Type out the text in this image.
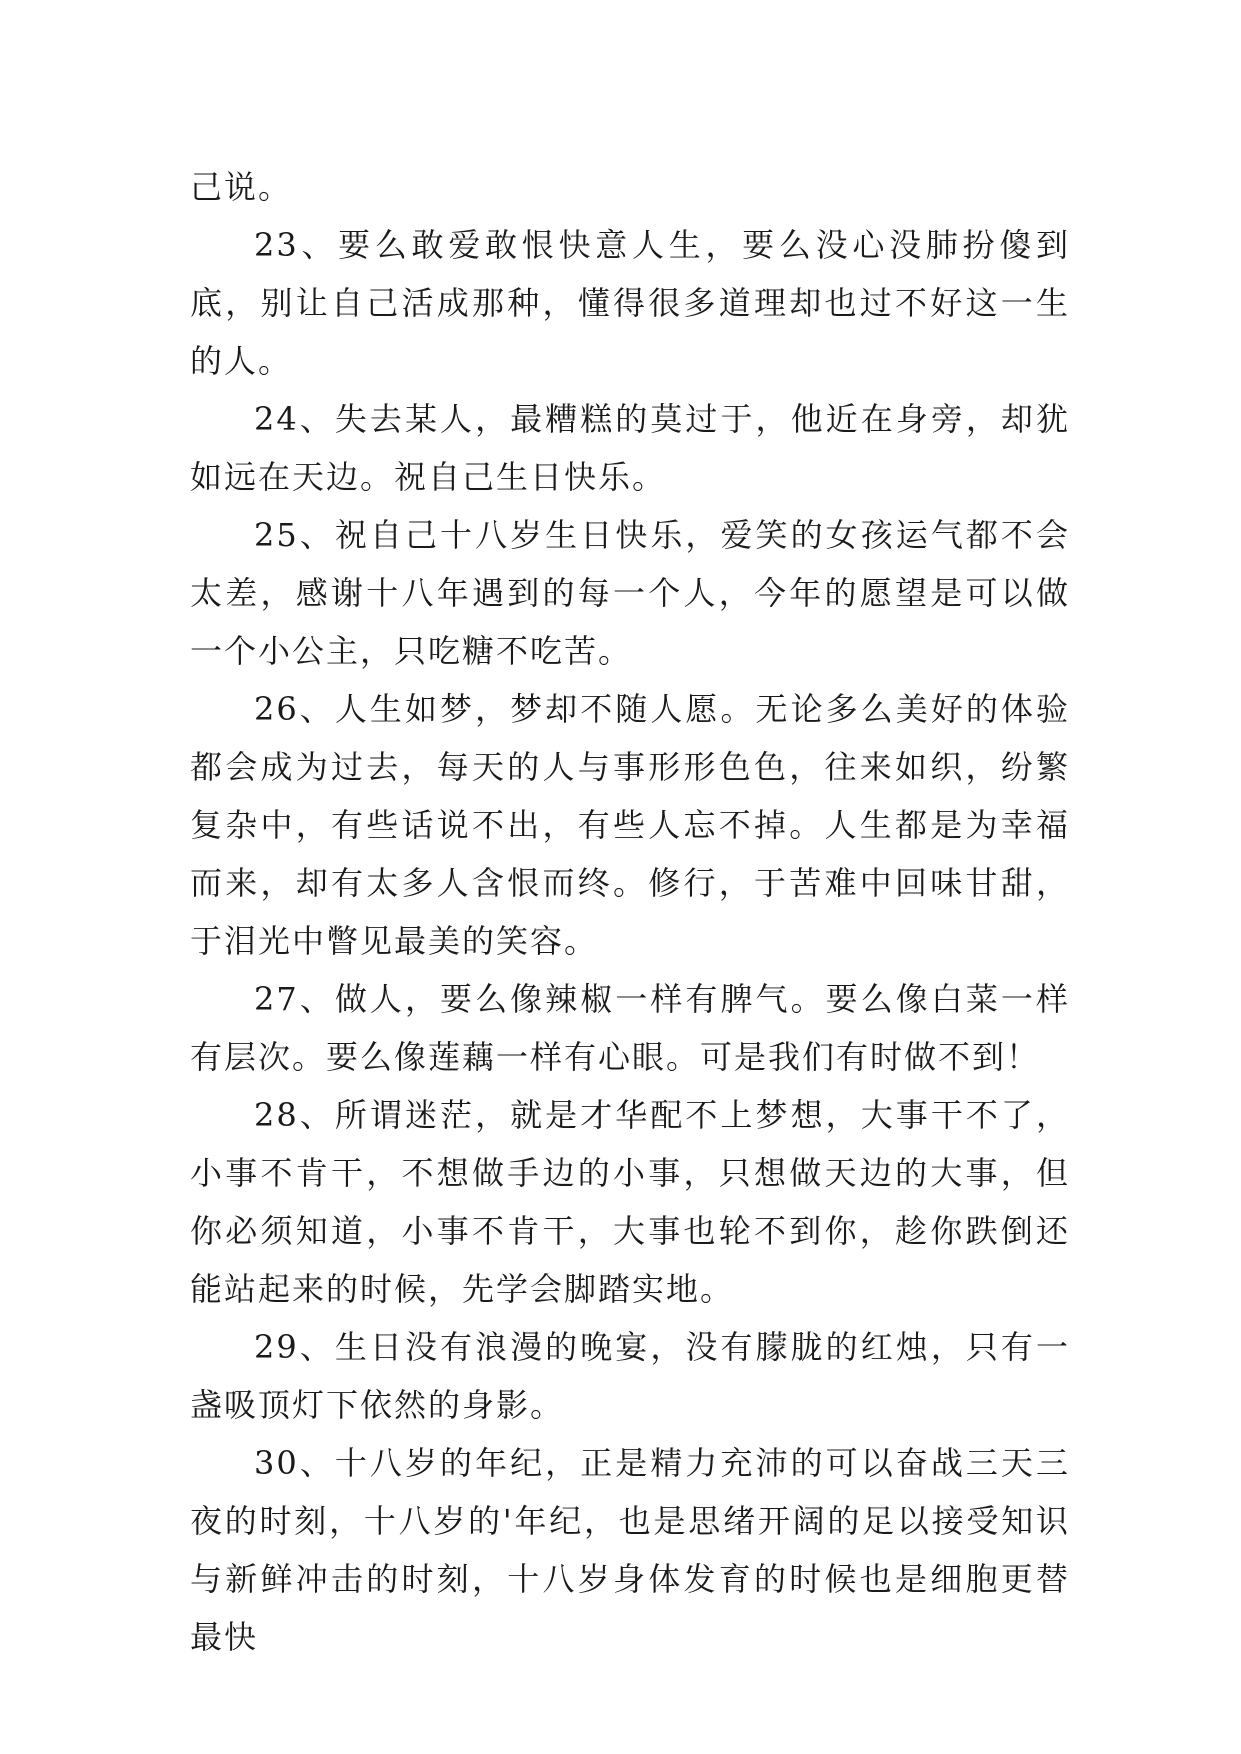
己说。

23、要么敢爱敢恨快意人生，要么没心没肺扮傻到底，别让自己活成那种，懂得很多道理却也过不好这一生的人。

24、失去某人，最糟糕的莫过于，他近在身旁，却犹如远在天边。祝自己生日快乐。

25、祝自己十八岁生日快乐，爱笑的女孩运气都不会太差，感谢十八年遇到的每一个人，今年的愿望是可以做一个小公主，只吃糖不吃苦。

26、人生如梦，梦却不随人愿。无论多么美好的体验都会成为过去，每天的人与事形形色色，往来如织，纷繁复杂中，有些话说不出，有些人忘不掉。人生都是为幸福而来，却有太多人含恨而终。修行，于苦难中回味甘甜，于泪光中瞥见最美的笑容。

27、做人，要么像辣椒一样有脾气。要么像白菜一样有层次。要么像莲藕一样有心眼。可是我们有时做不到！

28、所谓迷茫，就是才华配不上梦想，大事干不了，小事不肯干，不想做手边的小事，只想做天边的大事，但你必须知道，小事不肯干，大事也轮不到你，趁你跌倒还能站起来的时候，先学会脚踏实地。

29、生日没有浪漫的晚宴，没有朦胧的红烛，只有一盏吸顶灯下依然的身影。

30、十八岁的年纪，正是精力充沛的可以奋战三天三夜的时刻，十八岁的'年纪，也是思绪开阔的足以接受知识与新鲜冲击的时刻，十八岁身体发育的时候也是细胞更替最快
